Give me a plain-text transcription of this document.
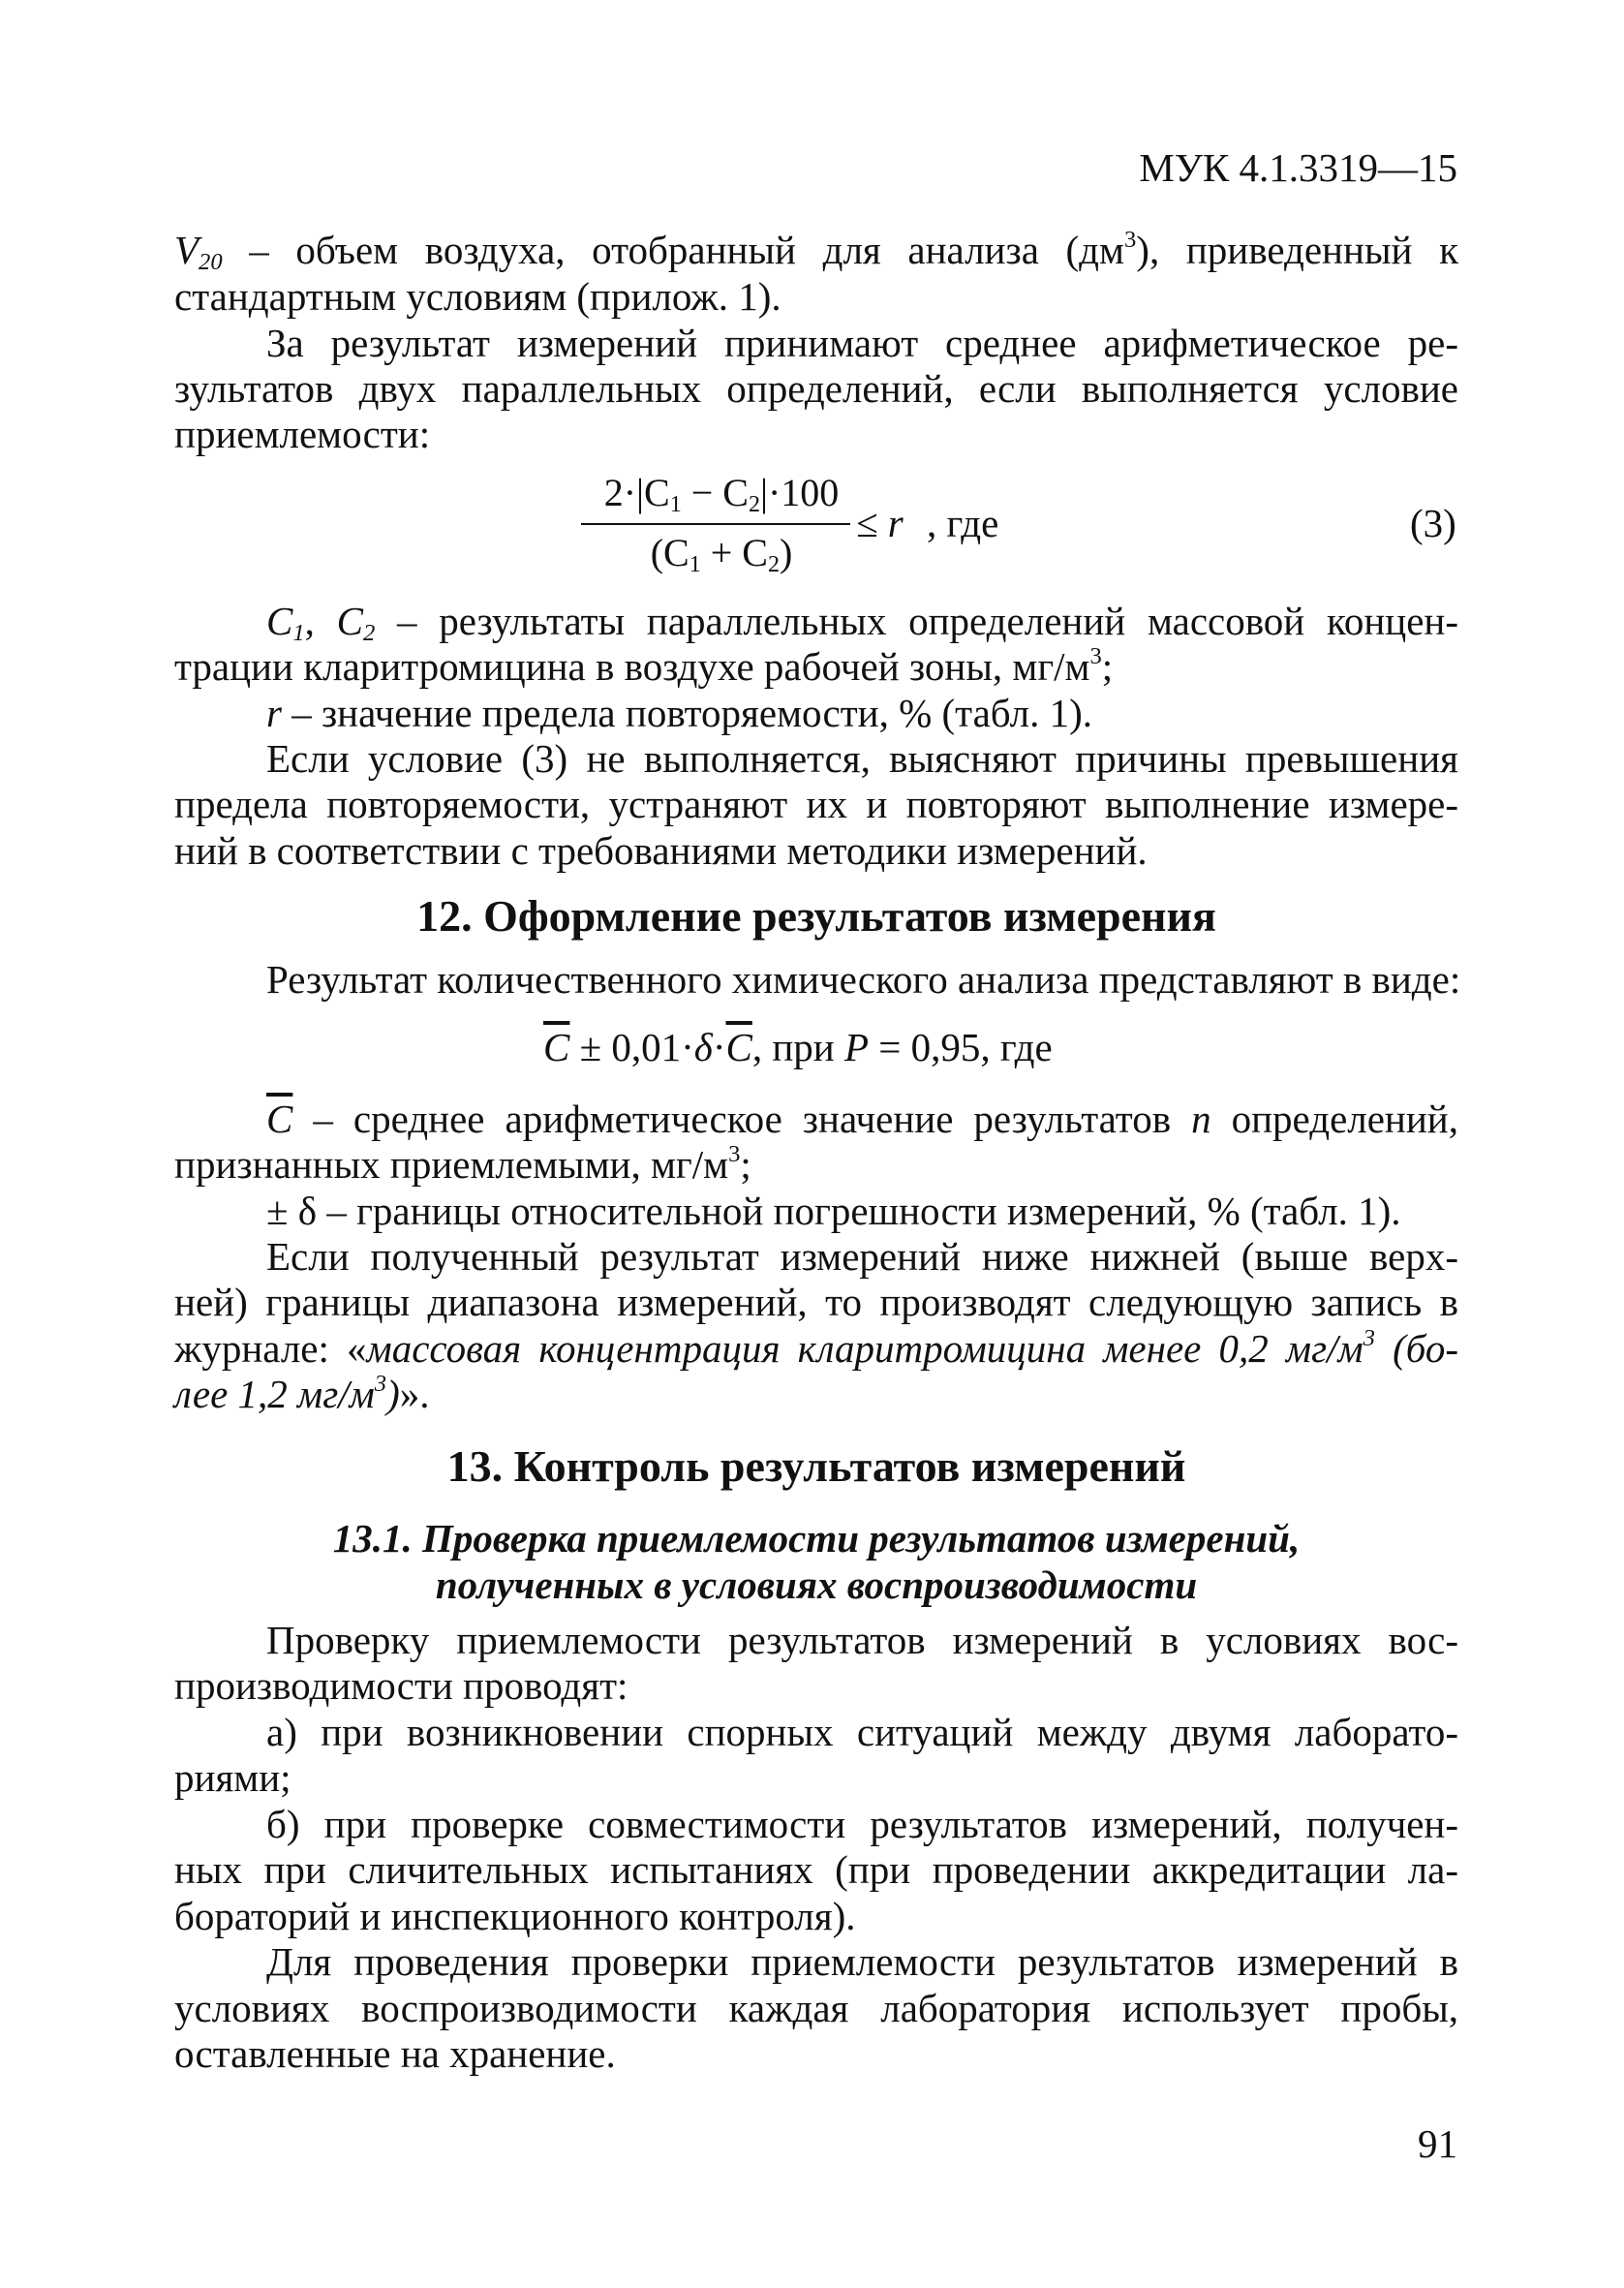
МУК 4.1.3319—15
$V_{20}$ – объем воздуха, отобранный для анализа $(дм^3)$, приведенный к
стандартным условиям (прилож. 1).
За результат измерений принимают среднее арифметическое ре-
зультатов двух параллельных определений, если выполняется условие
приемлемости:
$2\cdot|C_1 - C_2|\cdot 100$
$(C_1 + C_2)$
≤ r , где	(3)
$C_1$, $C_2$ – результаты параллельных определений массовой концен-
трации кларитромицина в воздухе рабочей зоны, $мг/м^3$;
r – значение предела повторяемости, % (табл. 1).
Если условие (3) не выполняется, выясняют причины превышения
предела повторяемости, устраняют их и повторяют выполнение измере-
ний в соответствии с требованиями методики измерений.
12. Оформление результатов измерения
Результат количественного химического анализа представляют в виде:
$\overline{C} \pm 0,01\cdot\delta\cdot\overline{C}$, при P = 0,95, где
$\overline{C}$ – среднее арифметическое значение результатов n определений,
признанных приемлемыми, $мг/м^3$;
± δ – границы относительной погрешности измерений, % (табл. 1).
Если полученный результат измерений ниже нижней (выше верх-
ней) границы диапазона измерений, то производят следующую запись в
журнале: «массовая концентрация кларитромицина менее 0,2 $мг/м^3$ (бо-
лее 1,2 $мг/м^3$)».
13. Контроль результатов измерений
13.1. Проверка приемлемости результатов измерений,
полученных в условиях воспроизводимости
Проверку приемлемости результатов измерений в условиях вос-
производимости проводят:
а) при возникновении спорных ситуаций между двумя лаборато-
риями;
б) при проверке совместимости результатов измерений, получен-
ных при сличительных испытаниях (при проведении аккредитации ла-
бораторий и инспекционного контроля).
Для проведения проверки приемлемости результатов измерений в
условиях воспроизводимости каждая лаборатория использует пробы,
оставленные на хранение.
91
